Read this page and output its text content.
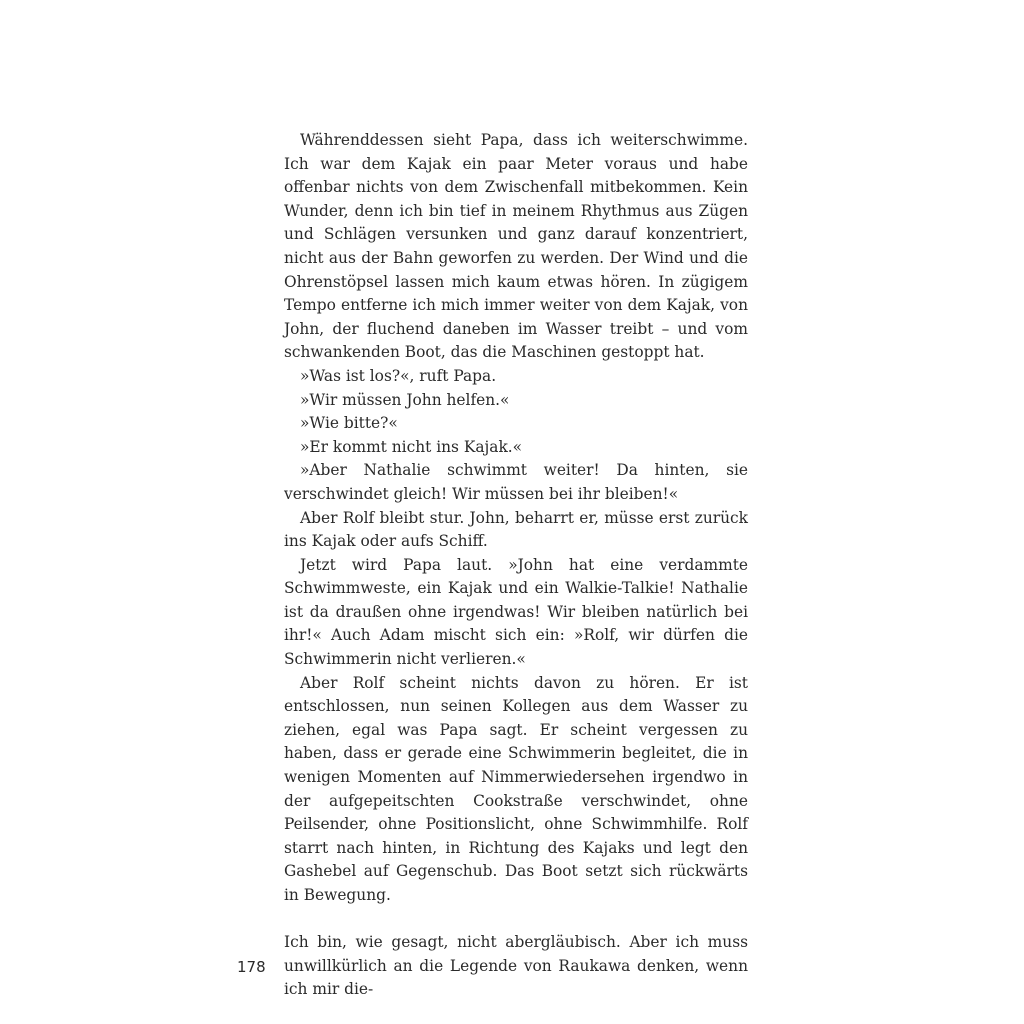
Währenddessen sieht Papa, dass ich weiterschwimme. Ich war dem Kajak ein paar Meter voraus und habe offenbar nichts von dem Zwischenfall mitbekommen. Kein Wunder, denn ich bin tief in meinem Rhythmus aus Zügen und Schlägen versunken und ganz darauf konzentriert, nicht aus der Bahn geworfen zu werden. Der Wind und die Ohrenstöpsel lassen mich kaum etwas hören. In zügigem Tempo entferne ich mich immer weiter von dem Kajak, von John, der fluchend daneben im Wasser treibt – und vom schwankenden Boot, das die Maschinen gestoppt hat.

»Was ist los?«, ruft Papa.

»Wir müssen John helfen.«

»Wie bitte?«

»Er kommt nicht ins Kajak.«

»Aber Nathalie schwimmt weiter! Da hinten, sie verschwindet gleich! Wir müssen bei ihr bleiben!«

Aber Rolf bleibt stur. John, beharrt er, müsse erst zurück ins Kajak oder aufs Schiff.

Jetzt wird Papa laut. »John hat eine verdammte Schwimmweste, ein Kajak und ein Walkie-Talkie! Nathalie ist da draußen ohne irgendwas! Wir bleiben natürlich bei ihr!« Auch Adam mischt sich ein: »Rolf, wir dürfen die Schwimmerin nicht verlieren.«

Aber Rolf scheint nichts davon zu hören. Er ist entschlossen, nun seinen Kollegen aus dem Wasser zu ziehen, egal was Papa sagt. Er scheint vergessen zu haben, dass er gerade eine Schwimmerin begleitet, die in wenigen Momenten auf Nimmerwiedersehen irgendwo in der aufgepeitschten Cookstraße verschwindet, ohne Peilsender, ohne Positionslicht, ohne Schwimmhilfe. Rolf starrt nach hinten, in Richtung des Kajaks und legt den Gashebel auf Gegenschub. Das Boot setzt sich rückwärts in Bewegung.

Ich bin, wie gesagt, nicht abergläubisch. Aber ich muss unwillkürlich an die Legende von Raukawa denken, wenn ich mir die-

178
